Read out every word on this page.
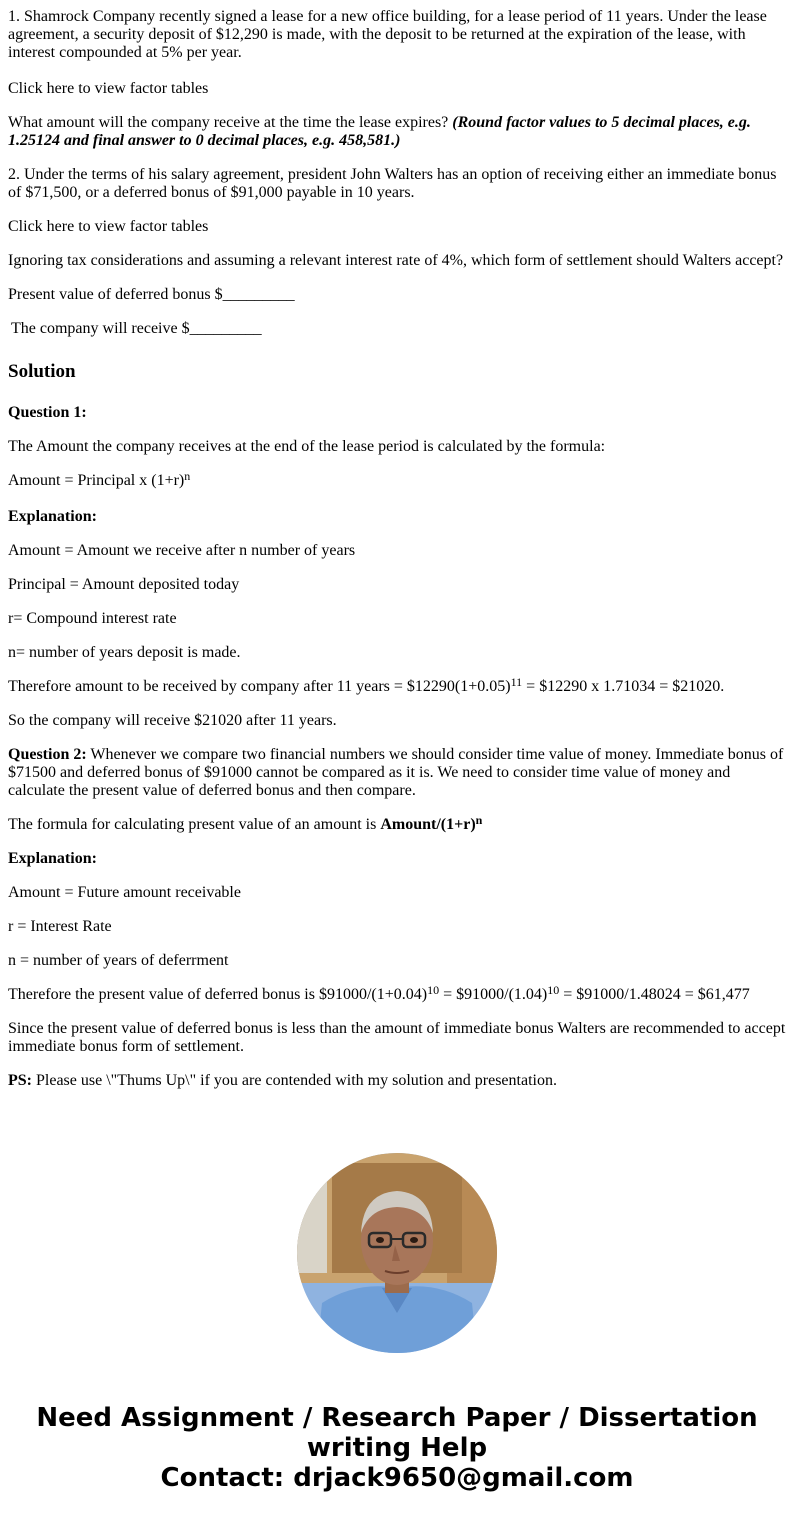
1. Shamrock Company recently signed a lease for a new office building, for a lease period of 11 years. Under the lease agreement, a security deposit of $12,290 is made, with the deposit to be returned at the expiration of the lease, with interest compounded at 5% per year.

Click here to view factor tables

What amount will the company receive at the time the lease expires? (Round factor values to 5 decimal places, e.g. 1.25124 and final answer to 0 decimal places, e.g. 458,581.)

2. Under the terms of his salary agreement, president John Walters has an option of receiving either an immediate bonus of $71,500, or a deferred bonus of $91,000 payable in 10 years.

Click here to view factor tables

Ignoring tax considerations and assuming a relevant interest rate of 4%, which form of settlement should Walters accept?

Present value of deferred bonus $_________

The company will receive $_________

Solution

Question 1:

The Amount the company receives at the end of the lease period is calculated by the formula:

Amount = Principal x $(1+r)^n$

Explanation:

Amount = Amount we receive after n number of years

Principal = Amount deposited today

r= Compound interest rate

n= number of years deposit is made.

Therefore amount to be received by company after 11 years = $\$12290(1+0.05)^{11}$ = $12290 x 1.71034 = $21020.

So the company will receive $21020 after 11 years.

Question 2: Whenever we compare two financial numbers we should consider time value of money. Immediate bonus of $71500 and deferred bonus of $91000 cannot be compared as it is. We need to consider time value of money and calculate the present value of deferred bonus and then compare.

The formula for calculating present value of an amount is Amount/$(1+r)^n$

Explanation:

Amount = Future amount receivable

r = Interest Rate

n = number of years of deferrment

Therefore the present value of deferred bonus is $\$91000/(1+0.04)^{10}$ = $\$91000/(1.04)^{10}$ = $91000/1.48024 = $61,477

Since the present value of deferred bonus is less than the amount of immediate bonus Walters are recommended to accept immediate bonus form of settlement.

PS: Please use \"Thums Up\" if you are contended with my solution and presentation.

Need Assignment / Research Paper / Dissertation
writing Help
Contact: drjack9650@gmail.com
